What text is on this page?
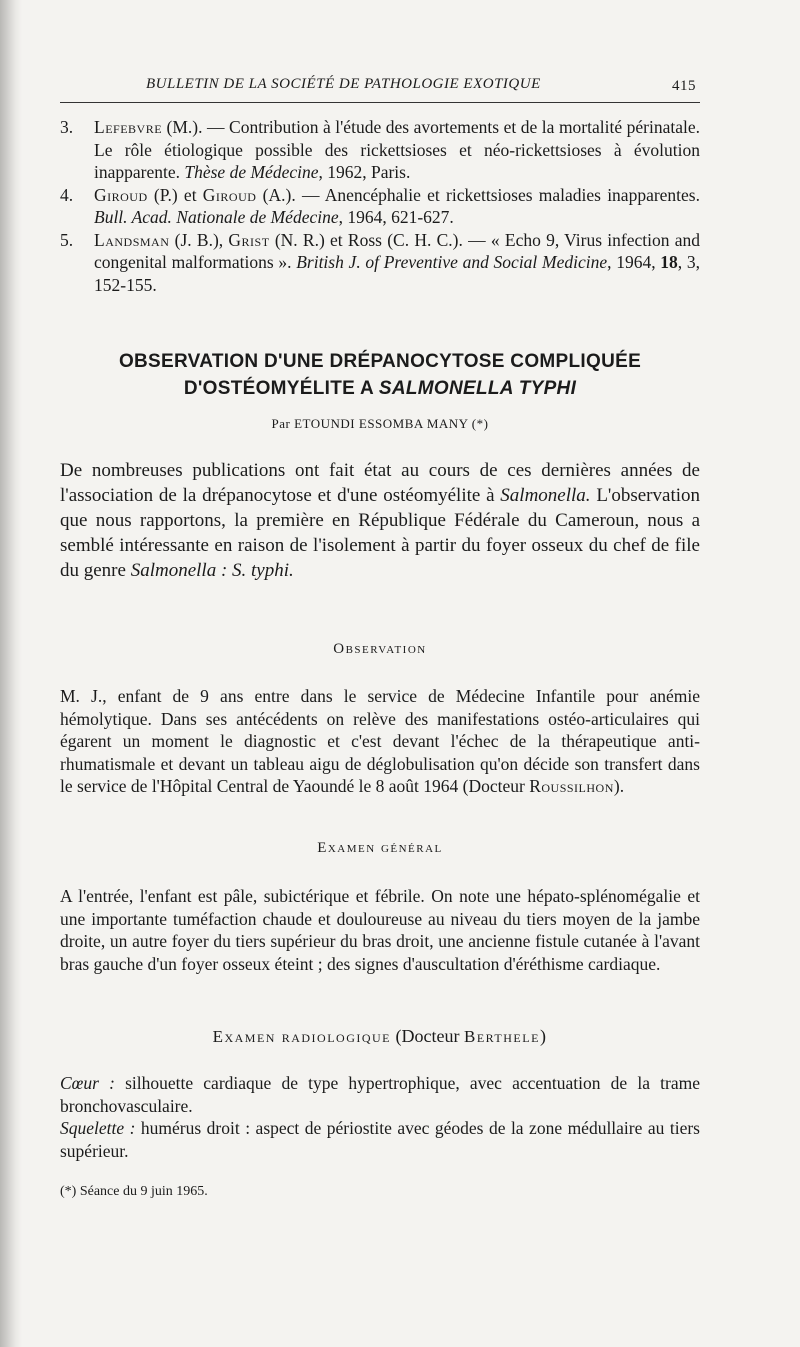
BULLETIN DE LA SOCIÉTÉ DE PATHOLOGIE EXOTIQUE	415
3. Lefebvre (M.). — Contribution à l'étude des avortements et de la mortalité périnatale. Le rôle étiologique possible des rickettsioses et néo-rickettsioses à évolution inapparente. Thèse de Médecine, 1962, Paris.
4. Giroud (P.) et Giroud (A.). — Anencéphalie et rickettsioses maladies inapparentes. Bull. Acad. Nationale de Médecine, 1964, 621-627.
5. Landsman (J. B.), Grist (N. R.) et Ross (C. H. C.). — « Echo 9, Virus infection and congenital malformations ». British J. of Preventive and Social Medicine, 1964, 18, 3, 152-155.
OBSERVATION D'UNE DRÉPANOCYTOSE COMPLIQUÉE
D'OSTÉOMYÉLITE A SALMONELLA TYPHI
Par ETOUNDI ESSOMBA MANY (*)
De nombreuses publications ont fait état au cours de ces dernières années de l'association de la drépanocytose et d'une ostéomyélite à Salmonella. L'observation que nous rapportons, la première en République Fédérale du Cameroun, nous a semblé intéressante en raison de l'isolement à partir du foyer osseux du chef de file du genre Salmonella : S. typhi.
Observation
M. J., enfant de 9 ans entre dans le service de Médecine Infantile pour anémie hémolytique. Dans ses antécédents on relève des manifestations ostéo-articulaires qui égarent un moment le diagnostic et c'est devant l'échec de la thérapeutique anti-rhumatismale et devant un tableau aigu de déglobulisation qu'on décide son transfert dans le service de l'Hôpital Central de Yaoundé le 8 août 1964 (Docteur Roussilhon).
Examen général
A l'entrée, l'enfant est pâle, subictérique et fébrile. On note une hépato-splénomégalie et une importante tuméfaction chaude et douloureuse au niveau du tiers moyen de la jambe droite, un autre foyer du tiers supérieur du bras droit, une ancienne fistule cutanée à l'avant bras gauche d'un foyer osseux éteint ; des signes d'auscultation d'éréthisme cardiaque.
Examen radiologique (Docteur Berthele)
Cœur : silhouette cardiaque de type hypertrophique, avec accentuation de la trame bronchovasculaire.
Squelette : humérus droit : aspect de périostite avec géodes de la zone médullaire au tiers supérieur.
(*) Séance du 9 juin 1965.
